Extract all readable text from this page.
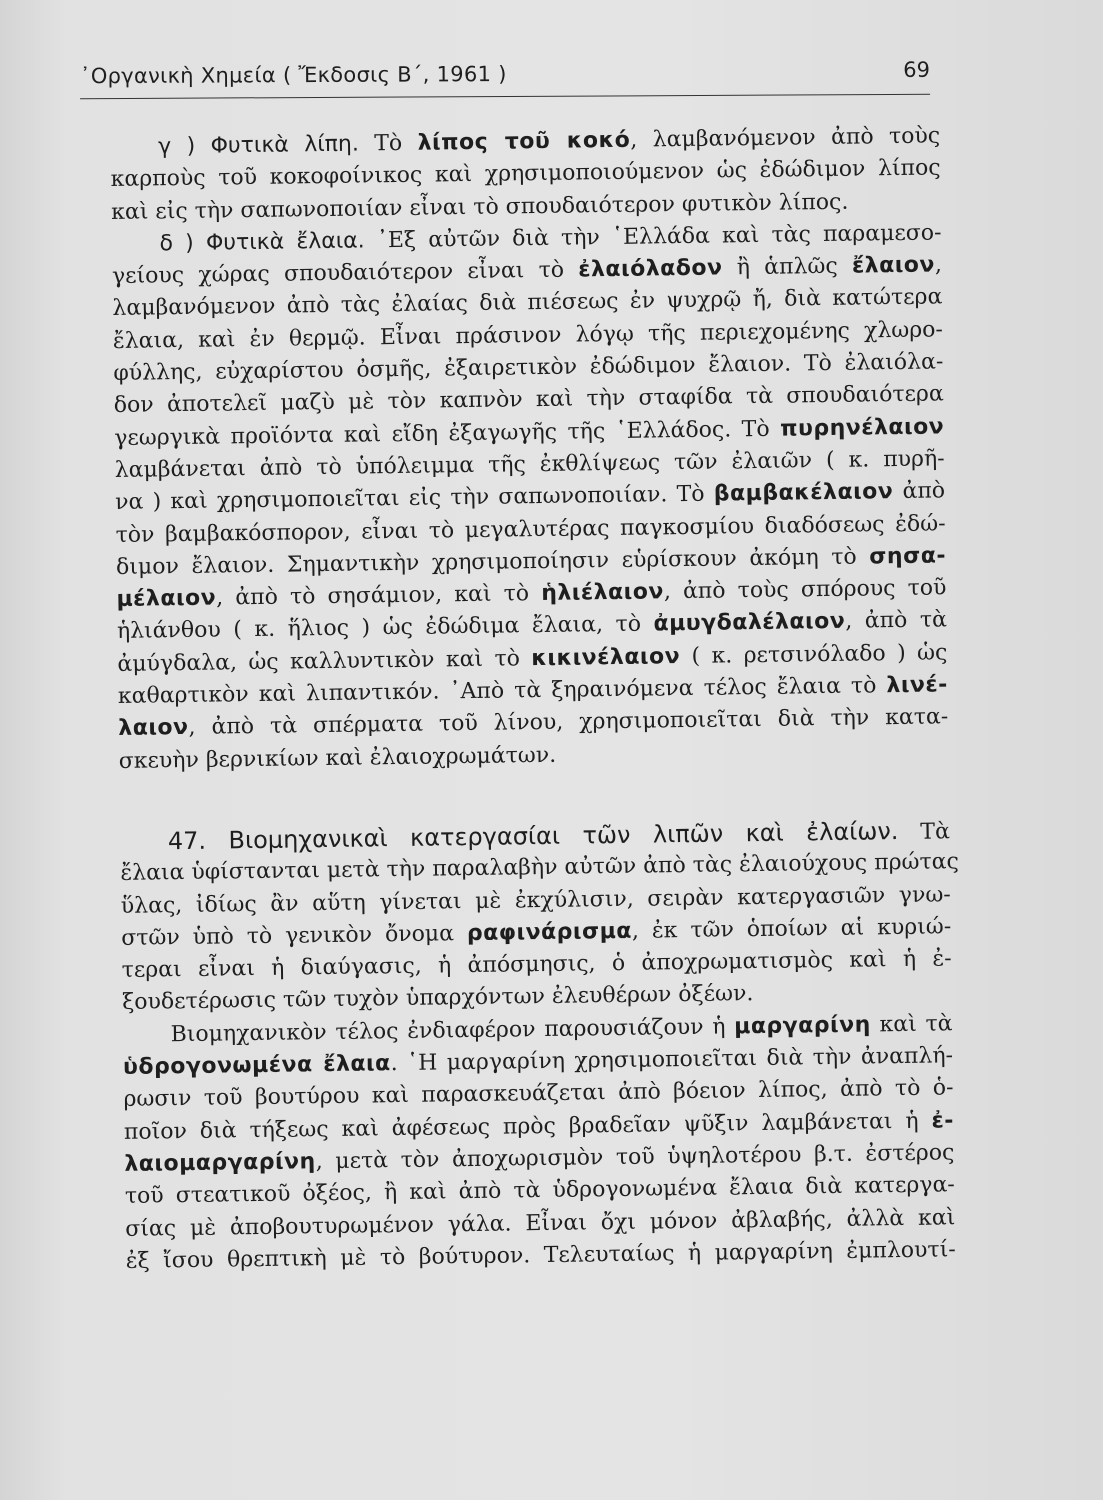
᾽Οργανικὴ Χημεία ( Ἔκδοσις Β΄, 1961 )	69
γ ) Φυτικὰ λίπη. Τὸ λίπος τοῦ κοκό, λαμβανόμενον ἀπὸ τοὺς
καρποὺς τοῦ κοκοφοίνικος καὶ χρησιμοποιούμενον ὡς ἐδώδιμον λίπος
καὶ εἰς τὴν σαπωνοποιίαν εἶναι τὸ σπουδαιότερον φυτικὸν λίπος.
δ ) Φυτικὰ ἔλαια. ᾽Εξ αὐτῶν διὰ τὴν ῾Ελλάδα καὶ τὰς παραμεσο-
γείους χώρας σπουδαιότερον εἶναι τὸ ἐλαιόλαδον ἢ ἁπλῶς ἔλαιον,
λαμβανόμενον ἀπὸ τὰς ἐλαίας διὰ πιέσεως ἐν ψυχρῷ ἤ, διὰ κατώτερα
ἔλαια, καὶ ἐν θερμῷ. Εἶναι πράσινον λόγῳ τῆς περιεχομένης χλωρο-
φύλλης, εὐχαρίστου ὀσμῆς, ἐξαιρετικὸν ἐδώδιμον ἔλαιον. Τὸ ἐλαιόλα-
δον ἀποτελεῖ μαζὺ μὲ τὸν καπνὸν καὶ τὴν σταφίδα τὰ σπουδαιότερα
γεωργικὰ προϊόντα καὶ εἴδη ἐξαγωγῆς τῆς ῾Ελλάδος. Τὸ πυρηνέλαιον
λαμβάνεται ἀπὸ τὸ ὑπόλειμμα τῆς ἐκθλίψεως τῶν ἐλαιῶν ( κ. πυρῆ-
να ) καὶ χρησιμοποιεῖται εἰς τὴν σαπωνοποιίαν. Τὸ βαμβακέλαιον ἀπὸ
τὸν βαμβακόσπορον, εἶναι τὸ μεγαλυτέρας παγκοσμίου διαδόσεως ἐδώ-
διμον ἔλαιον. Σημαντικὴν χρησιμοποίησιν εὑρίσκουν ἀκόμη τὸ σησα-
μέλαιον, ἀπὸ τὸ σησάμιον, καὶ τὸ ἡλιέλαιον, ἀπὸ τοὺς σπόρους τοῦ
ἡλιάνθου ( κ. ἥλιος ) ὡς ἐδώδιμα ἔλαια, τὸ ἀμυγδαλέλαιον, ἀπὸ τὰ
ἀμύγδαλα, ὡς καλλυντικὸν καὶ τὸ κικινέλαιον ( κ. ρετσινόλαδο ) ὡς
καθαρτικὸν καὶ λιπαντικόν. ᾽Απὸ τὰ ξηραινόμενα τέλος ἔλαια τὸ λινέ-
λαιον, ἀπὸ τὰ σπέρματα τοῦ λίνου, χρησιμοποιεῖται διὰ τὴν κατα-
σκευὴν βερνικίων καὶ ἐλαιοχρωμάτων.
47. Βιομηχανικαὶ κατεργασίαι τῶν λιπῶν καὶ ἐλαίων. Τὰ
ἔλαια ὑφίστανται μετὰ τὴν παραλαβὴν αὐτῶν ἀπὸ τὰς ἐλαιούχους πρώτας
ὕλας, ἰδίως ἂν αὕτη γίνεται μὲ ἐκχύλισιν, σειρὰν κατεργασιῶν γνω-
στῶν ὑπὸ τὸ γενικὸν ὄνομα ραφινάρισμα, ἐκ τῶν ὁποίων αἱ κυριώ-
τεραι εἶναι ἡ διαύγασις, ἡ ἀπόσμησις, ὁ ἀποχρωματισμὸς καὶ ἡ ἐ-
ξουδετέρωσις τῶν τυχὸν ὑπαρχόντων ἐλευθέρων ὀξέων.
Βιομηχανικὸν τέλος ἐνδιαφέρον παρουσιάζουν ἡ μαργαρίνη καὶ τὰ
ὑδρογονωμένα ἔλαια. ῾Η μαργαρίνη χρησιμοποιεῖται διὰ τὴν ἀναπλή-
ρωσιν τοῦ βουτύρου καὶ παρασκευάζεται ἀπὸ βόειον λίπος, ἀπὸ τὸ ὁ-
ποῖον διὰ τήξεως καὶ ἀφέσεως πρὸς βραδεῖαν ψῦξιν λαμβάνεται ἡ ἐ-
λαιομαργαρίνη, μετὰ τὸν ἀποχωρισμὸν τοῦ ὑψηλοτέρου β.τ. ἐστέρος
τοῦ στεατικοῦ ὀξέος, ἢ καὶ ἀπὸ τὰ ὑδρογονωμένα ἔλαια διὰ κατεργα-
σίας μὲ ἀποβουτυρωμένον γάλα. Εἶναι ὄχι μόνον ἀβλαβής, ἀλλὰ καὶ
ἐξ ἴσου θρεπτικὴ μὲ τὸ βούτυρον. Τελευταίως ἡ μαργαρίνη ἐμπλουτί-
